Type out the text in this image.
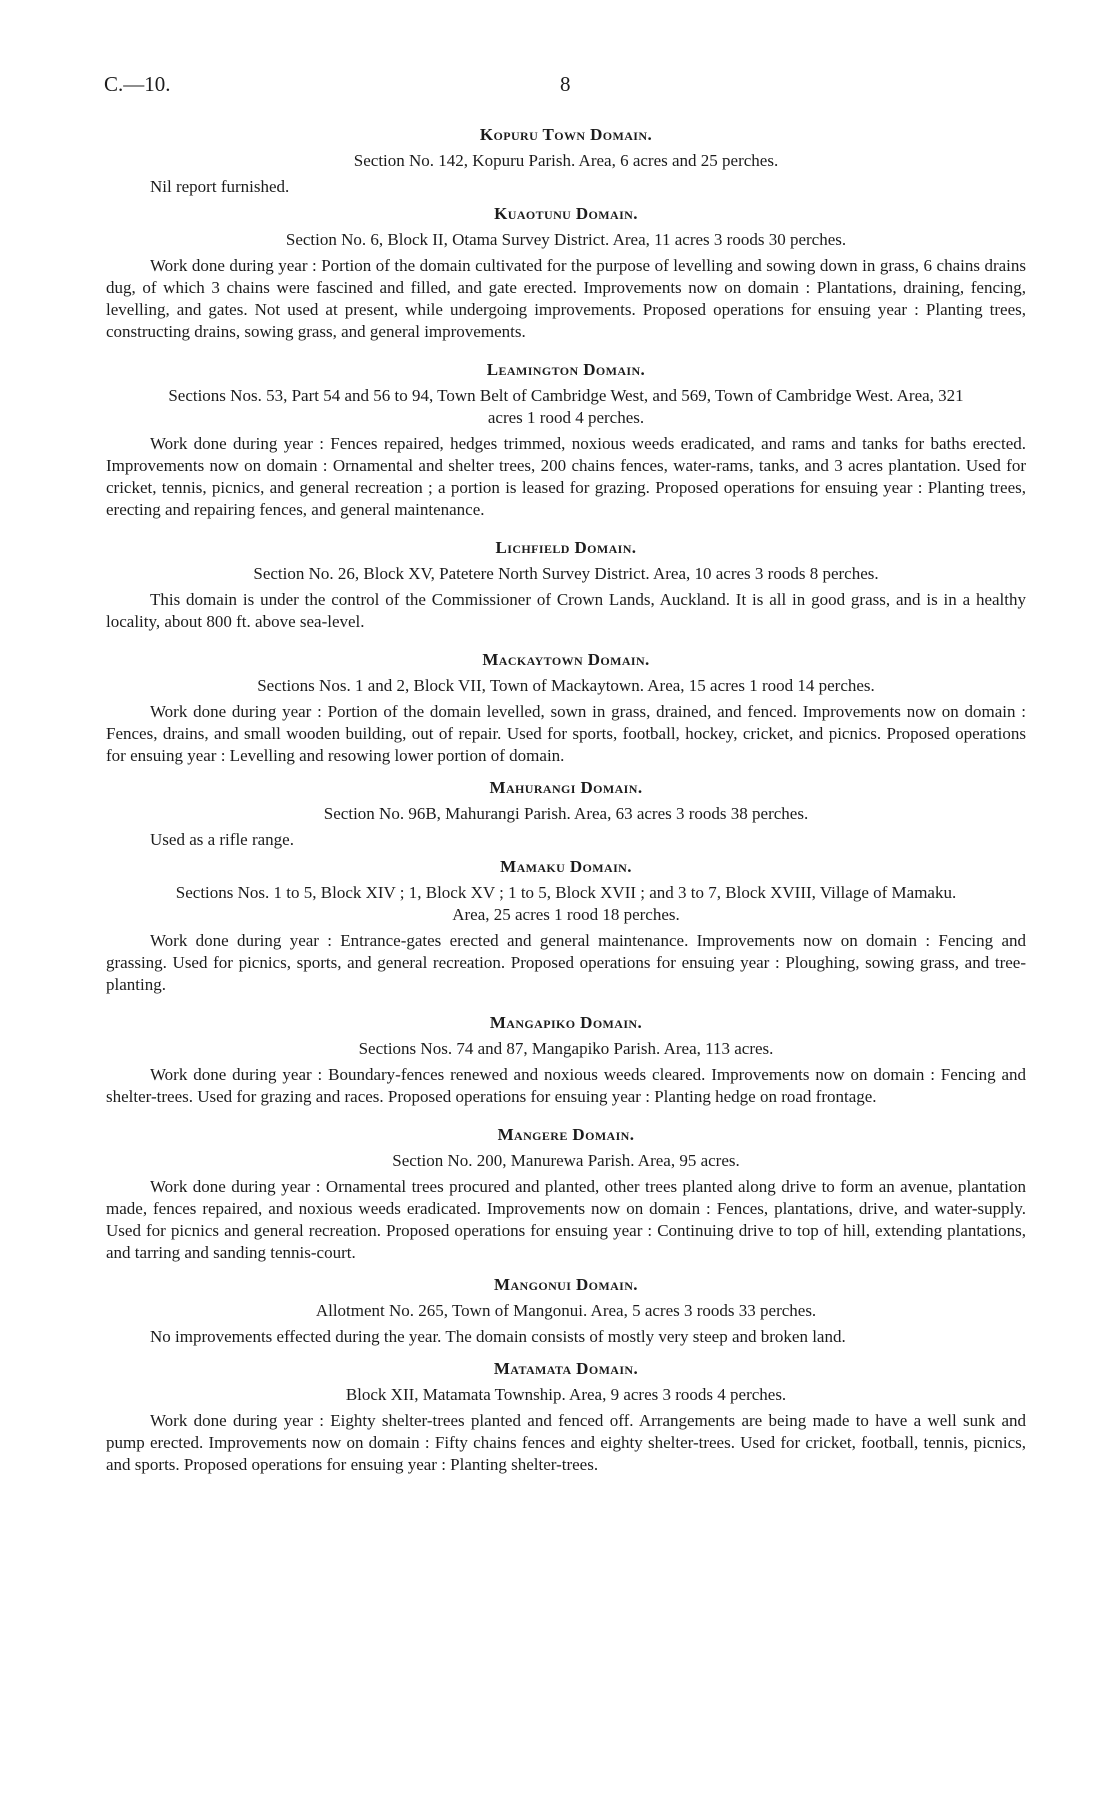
C.—10.	8
Kopuru Town Domain.

Section No. 142, Kopuru Parish. Area, 6 acres and 25 perches.

Nil report furnished.

Kuaotunu Domain.

Section No. 6, Block II, Otama Survey District. Area, 11 acres 3 roods 30 perches.

Work done during year : Portion of the domain cultivated for the purpose of levelling and sowing down in grass, 6 chains drains dug, of which 3 chains were fascined and filled, and gate erected. Improvements now on domain : Plantations, draining, fencing, levelling, and gates. Not used at present, while undergoing improvements. Proposed operations for ensuing year : Planting trees, constructing drains, sowing grass, and general improvements.

Leamington Domain.

Sections Nos. 53, Part 54 and 56 to 94, Town Belt of Cambridge West, and 569, Town of Cambridge West. Area, 321 acres 1 rood 4 perches.

Work done during year : Fences repaired, hedges trimmed, noxious weeds eradicated, and rams and tanks for baths erected. Improvements now on domain : Ornamental and shelter trees, 200 chains fences, water-rams, tanks, and 3 acres plantation. Used for cricket, tennis, picnics, and general recreation ; a portion is leased for grazing. Proposed operations for ensuing year : Planting trees, erecting and repairing fences, and general maintenance.

Lichfield Domain.

Section No. 26, Block XV, Patetere North Survey District. Area, 10 acres 3 roods 8 perches.

This domain is under the control of the Commissioner of Crown Lands, Auckland. It is all in good grass, and is in a healthy locality, about 800 ft. above sea-level.

Mackaytown Domain.

Sections Nos. 1 and 2, Block VII, Town of Mackaytown. Area, 15 acres 1 rood 14 perches.

Work done during year : Portion of the domain levelled, sown in grass, drained, and fenced. Improvements now on domain : Fences, drains, and small wooden building, out of repair. Used for sports, football, hockey, cricket, and picnics. Proposed operations for ensuing year : Levelling and resowing lower portion of domain.

Mahurangi Domain.

Section No. 96B, Mahurangi Parish. Area, 63 acres 3 roods 38 perches.

Used as a rifle range.

Mamaku Domain.

Sections Nos. 1 to 5, Block XIV ; 1, Block XV ; 1 to 5, Block XVII ; and 3 to 7, Block XVIII, Village of Mamaku. Area, 25 acres 1 rood 18 perches.

Work done during year : Entrance-gates erected and general maintenance. Improvements now on domain : Fencing and grassing. Used for picnics, sports, and general recreation. Proposed operations for ensuing year : Ploughing, sowing grass, and tree-planting.

Mangapiko Domain.

Sections Nos. 74 and 87, Mangapiko Parish. Area, 113 acres.

Work done during year : Boundary-fences renewed and noxious weeds cleared. Improvements now on domain : Fencing and shelter-trees. Used for grazing and races. Proposed operations for ensuing year : Planting hedge on road frontage.

Mangere Domain.

Section No. 200, Manurewa Parish. Area, 95 acres.

Work done during year : Ornamental trees procured and planted, other trees planted along drive to form an avenue, plantation made, fences repaired, and noxious weeds eradicated. Improvements now on domain : Fences, plantations, drive, and water-supply. Used for picnics and general recreation. Proposed operations for ensuing year : Continuing drive to top of hill, extending plantations, and tarring and sanding tennis-court.

Mangonui Domain.

Allotment No. 265, Town of Mangonui. Area, 5 acres 3 roods 33 perches.

No improvements effected during the year. The domain consists of mostly very steep and broken land.

Matamata Domain.

Block XII, Matamata Township. Area, 9 acres 3 roods 4 perches.

Work done during year : Eighty shelter-trees planted and fenced off. Arrangements are being made to have a well sunk and pump erected. Improvements now on domain : Fifty chains fences and eighty shelter-trees. Used for cricket, football, tennis, picnics, and sports. Proposed operations for ensuing year : Planting shelter-trees.
